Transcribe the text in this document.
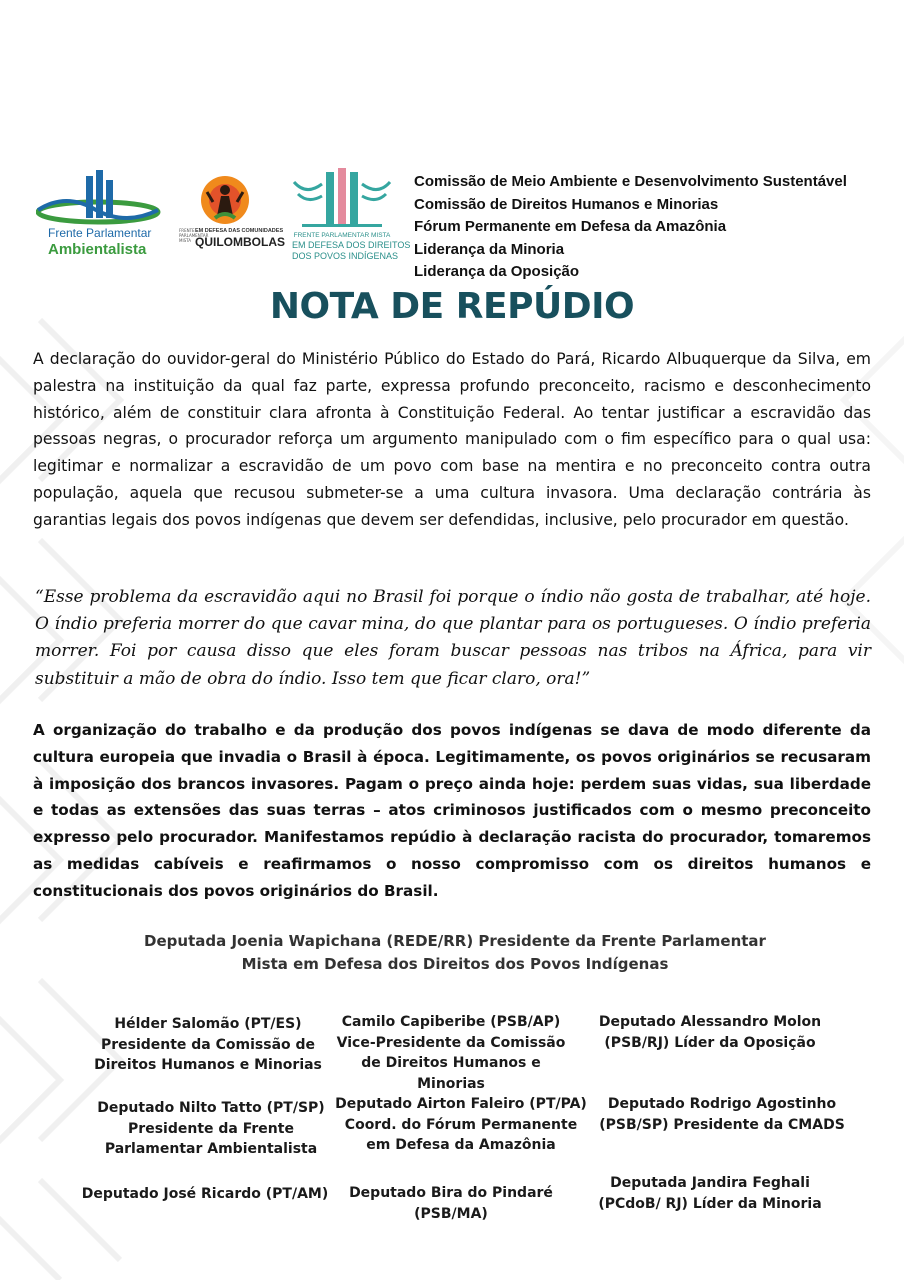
Frente Parlamentar
Ambientalista
FRENTE PARLAMENTAR MISTA
EM DEFESA DAS COMUNIDADES
QUILOMBOLAS FRENTE PARLAMENTAR MISTA
EM DEFESA DOS DIREITOS
DOS POVOS INDÍGENAS
Comissão de Meio Ambiente e Desenvolvimento Sustentável
Comissão de Direitos Humanos e Minorias
Fórum Permanente em Defesa da Amazônia
Liderança da Minoria
Liderança da Oposição
NOTA DE REPÚDIO
A declaração do ouvidor-geral do Ministério Público do Estado do Pará, Ricardo Albuquerque da Silva, em palestra na instituição da qual faz parte, expressa profundo preconceito, racismo e desconhecimento histórico, além de constituir clara afronta à Constituição Federal. Ao tentar justificar a escravidão das pessoas negras, o procurador reforça um argumento manipulado com o fim específico para o qual usa: legitimar e normalizar a escravidão de um povo com base na mentira e no preconceito contra outra população, aquela que recusou submeter-se a uma cultura invasora. Uma declaração contrária às garantias legais dos povos indígenas que devem ser defendidas, inclusive, pelo procurador em questão.
“Esse problema da escravidão aqui no Brasil foi porque o índio não gosta de trabalhar, até hoje. O índio preferia morrer do que cavar mina, do que plantar para os portugueses. O índio preferia morrer. Foi por causa disso que eles foram buscar pessoas nas tribos na África, para vir substituir a mão de obra do índio. Isso tem que ficar claro, ora!”
A organização do trabalho e da produção dos povos indígenas se dava de modo diferente da cultura europeia que invadia o Brasil à época. Legitimamente, os povos originários se recusaram à imposição dos brancos invasores. Pagam o preço ainda hoje: perdem suas vidas, sua liberdade e todas as extensões das suas terras – atos criminosos justificados com o mesmo preconceito expresso pelo procurador. Manifestamos repúdio à declaração racista do procurador, tomaremos as medidas cabíveis e reafirmamos o nosso compromisso com os direitos humanos e constitucionais dos povos originários do Brasil.
Deputada Joenia Wapichana (REDE/RR) Presidente da Frente Parlamentar
Mista em Defesa dos Direitos dos Povos Indígenas
Hélder Salomão (PT/ES)
Presidente da Comissão de
Direitos Humanos e Minorias
Camilo Capiberibe (PSB/AP)
Vice-Presidente da Comissão
de Direitos Humanos e Minorias
Deputado Alessandro Molon
(PSB/RJ) Líder da Oposição
Deputado Nilto Tatto (PT/SP)
Presidente da Frente
Parlamentar Ambientalista
Deputado Airton Faleiro (PT/PA)
Coord. do Fórum Permanente
em Defesa da Amazônia
Deputado Rodrigo Agostinho
(PSB/SP) Presidente da CMADS
Deputado José Ricardo (PT/AM)	Deputado Bira do Pindaré
(PSB/MA)
Deputada Jandira Feghali
(PCdoB/ RJ) Líder da Minoria
